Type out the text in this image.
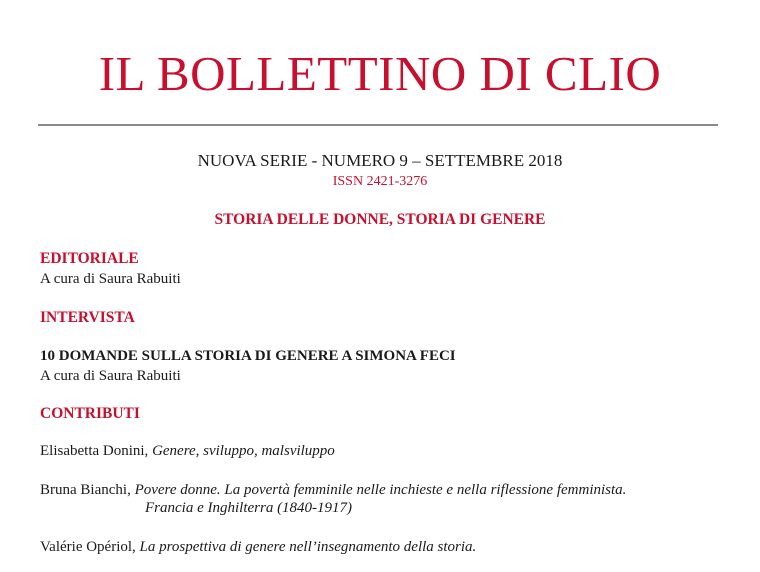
IL BOLLETTINO DI CLIO
NUOVA SERIE - NUMERO 9 – SETTEMBRE 2018
ISSN 2421-3276
STORIA DELLE DONNE, STORIA DI GENERE
EDITORIALE
A cura di Saura Rabuiti
INTERVISTA
10 DOMANDE SULLA STORIA DI GENERE A SIMONA FECI
A cura di Saura Rabuiti
CONTRIBUTI
Elisabetta Donini, Genere, sviluppo, malsviluppo
Bruna Bianchi, Povere donne. La povertà femminile nelle inchieste e nella riflessione femminista.
Francia e Inghilterra (1840-1917)
Valérie Opériol, La prospettiva di genere nell’insegnamento della storia.
